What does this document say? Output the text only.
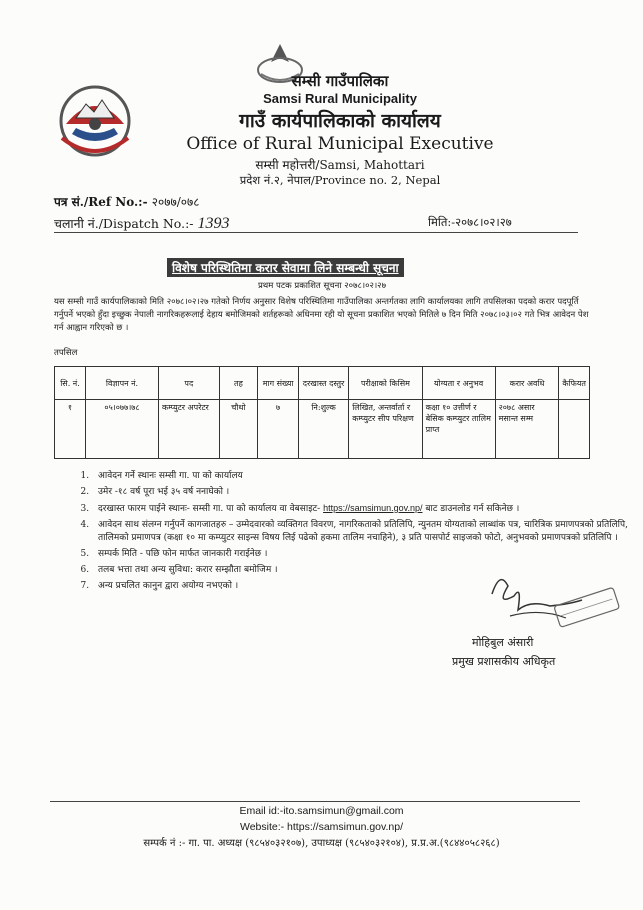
सम्सी गाउँपालिका
Samsi Rural Municipality
गाउँ कार्यपालिकाको कार्यालय
Office of Rural Municipal Executive
सम्सी महोत्तरी/Samsi, Mahottari
प्रदेश नं.२, नेपाल/Province no. 2, Nepal
पत्र सं./Ref No.:- २०७७/०७८
चलानी नं./Dispatch No.:- 1393	मिति:-२०७८।०२।२७
विशेष परिस्थितिमा करार सेवामा लिने सम्बन्धी सूचना
प्रथम पटक प्रकाशित सूचना २०७८।०२।२७
यस सम्सी गाउँ कार्यपालिकाको मिति २०७८।०२।२७ गतेको निर्णय अनुसार विशेष परिस्थितिमा गाउँपालिका अन्तर्गतका लागि कार्यालयका लागि तपसिलका पदको करार पदपूर्ति गर्नुपर्ने भएको हुँदा इच्छुक नेपाली नागरिकहरूलाई देहाय बमोजिमको शर्तहरूको अधिनमा रही यो सूचना प्रकाशित भएको मितिले ७ दिन मिति २०७८।०३।०२ गते भित्र आवेदन पेश गर्न आह्वान गरिएको छ ।
तपसिल
सि. नं.	विज्ञापन नं.	पद	तह	माग संख्या	दरखास्त दस्तुर	परीक्षाको किसिम	योग्यता र अनुभव	करार अवधि	कैफियत
१	०५।०७७।७८	कम्प्युटर अपरेटर	चौथो	७	नि:शुल्क	लिखित, अन्तर्वार्ता र कम्प्युटर सीप परिक्षण	कक्षा १० उत्तीर्ण र बेसिक कम्प्युटर तालिम प्राप्त	२०७८ असार मसान्त सम्म	
1. आवेदन गर्ने स्थानः सम्सी गा. पा को कार्यालय
2. उमेर -१८ वर्ष पूरा भई ३५ वर्ष ननाघेको ।
3. दरखास्त फारम पाईने स्थानः- सम्सी गा. पा को कार्यालय वा वेबसाइट- https://samsimun.gov.np/ बाट डाउनलोड गर्न सकिनेछ ।
4. आवेदन साथ संलग्न गर्नुपर्ने कागजातहरु – उम्मेदवारको व्यक्तिगत विवरण, नागरिकताको प्रतिलिपि, न्युनतम योग्यताको लाब्धांक पत्र, चारित्रिक प्रमाणपत्रको प्रतिलिपि, तालिमको प्रमाणपत्र (कक्षा १० मा कम्प्युटर साइन्स विषय लिई पढेको हकमा तालिम नचाहिने), ३ प्रति पासपोर्ट साइजको फोटो, अनुभवको प्रमाणपत्रको प्रतिलिपि ।
5. सम्पर्क मिति - पछि फोन मार्फत जानकारी गराईनेछ ।
6. तलब भत्ता तथा अन्य सुविधा: करार सम्झौता बमोजिम ।
7. अन्य प्रचलित कानुन द्वारा अयोग्य नभएको ।
मोहिबुल अंसारी
प्रमुख प्रशासकीय अधिकृत
Email id:-ito.samsimun@gmail.com
Website:- https://samsimun.gov.np/
सम्पर्क नं :- गा. पा. अध्यक्ष (९८५४०३२१०७), उपाध्यक्ष (९८५४०३२१०४), प्र.प्र.अ.(९८४४०५८२६८)
